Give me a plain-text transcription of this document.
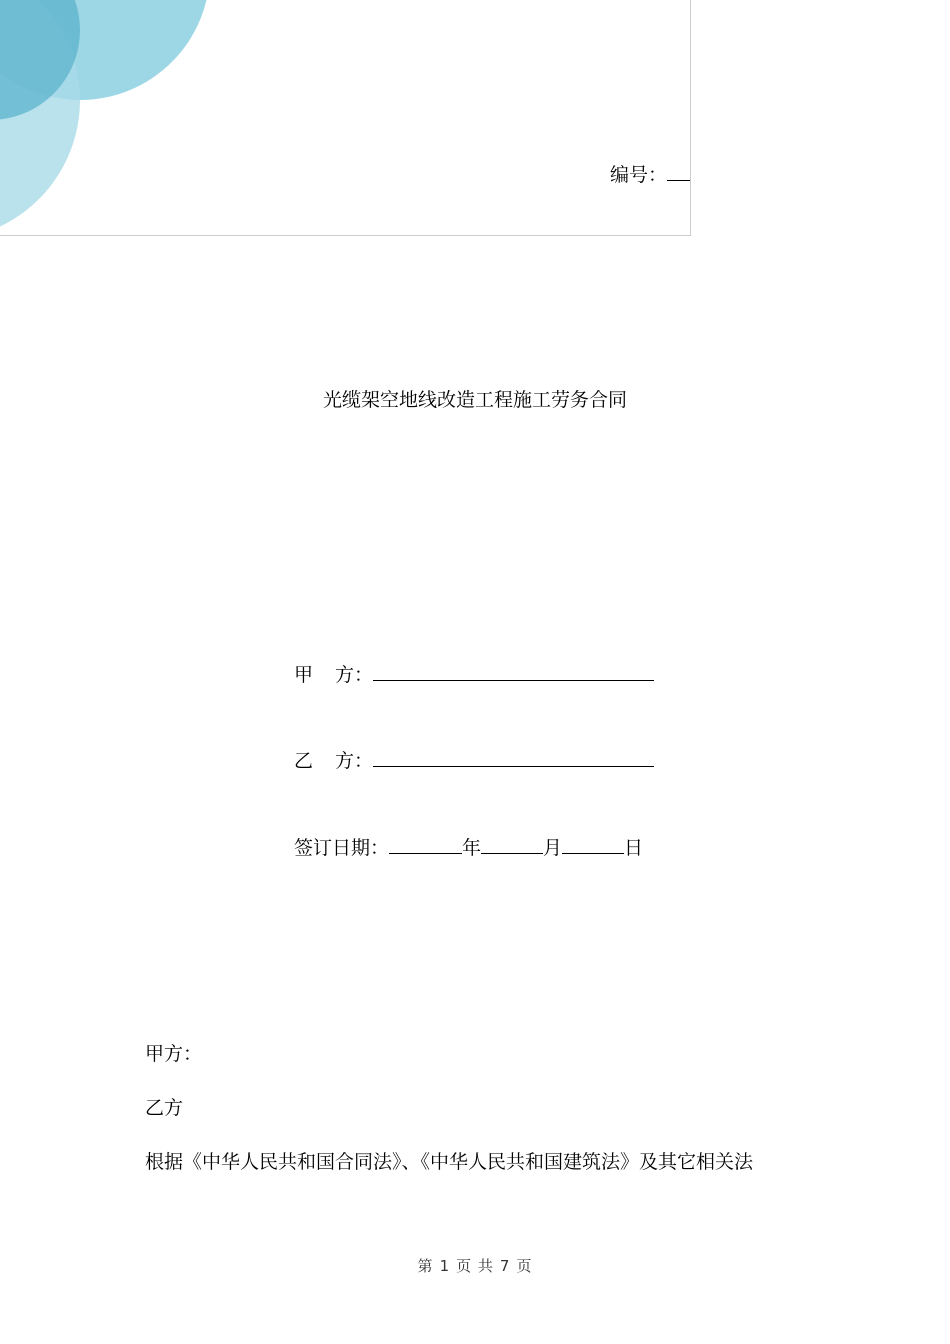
编号：
光缆架空地线改造工程施工劳务合同
甲 方：
乙 方：
签订日期：	年	月	日
甲方：
乙方
根据《中华人民共和国合同法》、《中华人民共和国建筑法》及其它相关法
第 1 页 共 7 页
